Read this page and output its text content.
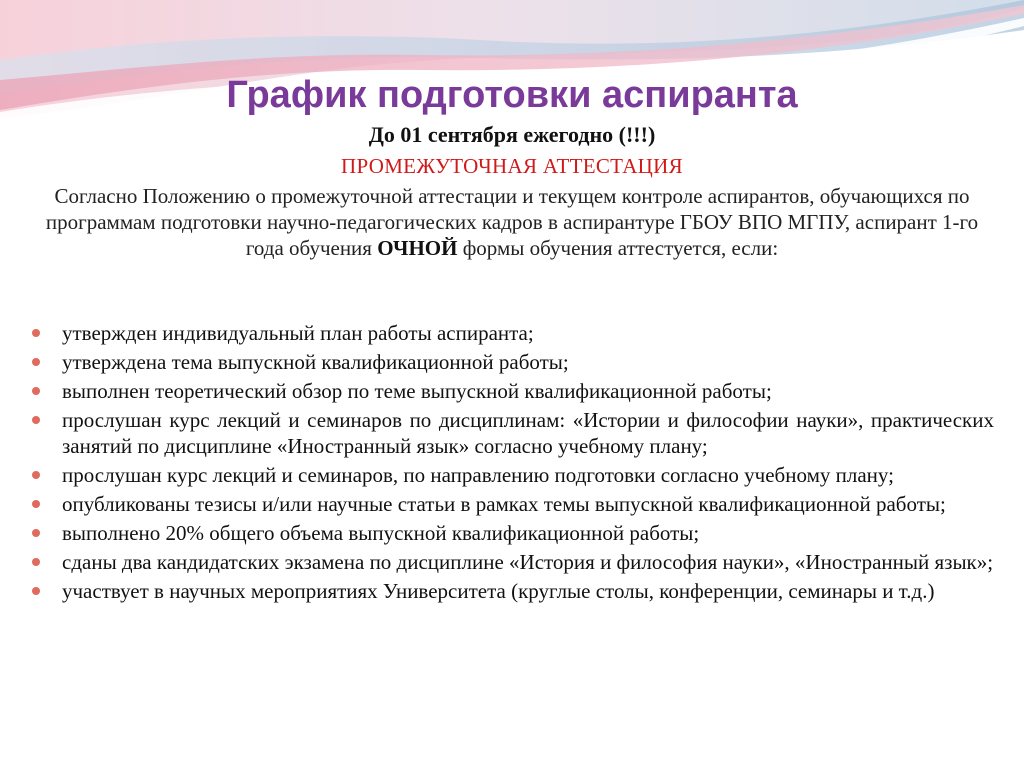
График подготовки аспиранта
До 01 сентября ежегодно (!!!)
ПРОМЕЖУТОЧНАЯ АТТЕСТАЦИЯ
Согласно Положению о промежуточной аттестации и текущем контроле аспирантов, обучающихся по программам подготовки научно-педагогических кадров в аспирантуре ГБОУ ВПО МГПУ, аспирант 1-го года обучения ОЧНОЙ формы обучения аттестуется, если:
утвержден индивидуальный план работы аспиранта;
утверждена тема выпускной квалификационной работы;
выполнен теоретический обзор по теме выпускной квалификационной работы;
прослушан курс лекций и семинаров по дисциплинам: «Истории и философии науки», практических занятий по дисциплине «Иностранный язык» согласно учебному плану;
прослушан курс лекций и семинаров, по направлению подготовки согласно учебному плану;
опубликованы тезисы и/или научные статьи в рамках темы выпускной квалификационной работы;
выполнено 20% общего объема выпускной квалификационной работы;
сданы два кандидатских экзамена по дисциплине «История и философия науки», «Иностранный язык»;
участвует в научных мероприятиях Университета (круглые столы, конференции, семинары и т.д.)
